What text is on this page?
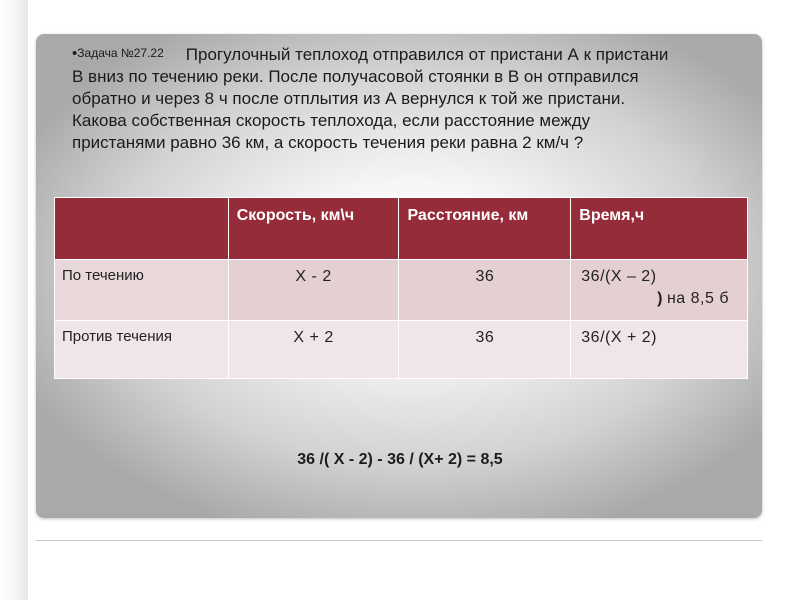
•Задача №27.22 Прогулочный теплоход отправился от пристани А к пристани
В вниз по течению реки. После получасовой стоянки в В он отправился
обратно и через 8 ч после отплытия из А вернулся к той же пристани.
Какова собственная скорость теплохода, если расстояние между
пристанями равно 36 км, а скорость течения реки равна 2 км/ч ?
	Скорость, км\ч	Расстояние, км	Время,ч
По течению	X - 2	36	36/(X – 2)
) на 8,5 б

Против течения	X + 2	36	36/(X + 2)
36 /( X - 2) - 36 / (X+ 2) = 8,5
